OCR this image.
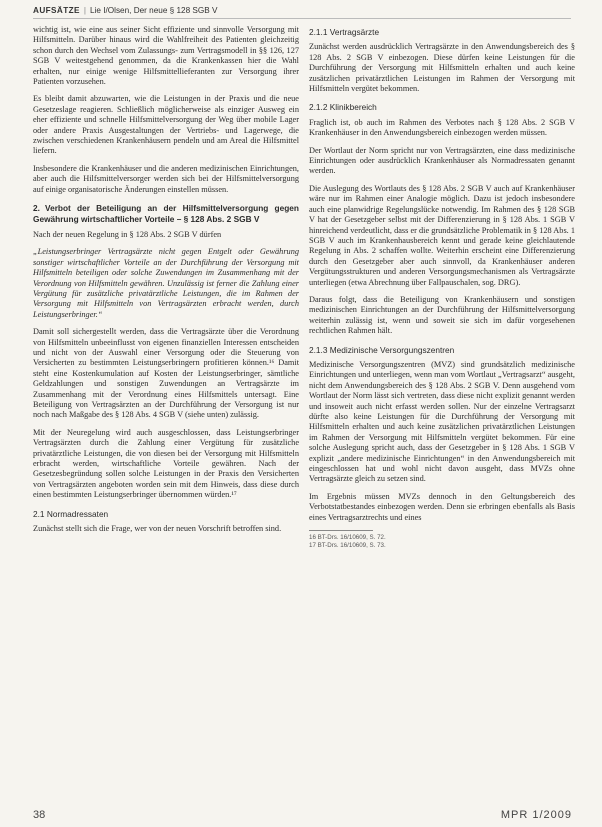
AUFSÄTZE | Lie I/Olsen, Der neue § 128 SGB V

wichtig ist, wie eine aus seiner Sicht effiziente und sinnvolle Versorgung mit Hilfsmitteln. Darüber hinaus wird die Wahlfreiheit des Patienten gleichzeitig schon durch den Wechsel vom Zulassungs- zum Vertragsmodell in §§ 126, 127 SGB V weitestgehend genommen, da die Krankenkassen hier die Wahl erhalten, nur einige wenige Hilfsmittellieferanten zur Versorgung ihrer Patienten vorzusehen.

Es bleibt damit abzuwarten, wie die Leistungen in der Praxis und die neue Gesetzeslage reagieren. Schließlich möglicherweise als einziger Ausweg ein eher effiziente und schnelle Hilfsmittelversorgung der Weg über mobile Lager oder andere Praxis Ausgestaltungen der Vertriebs- und Lagerwege, die zwischen verschiedenen Krankenhäusern pendeln und am Areal die Hilfsmittel liefern.

Insbesondere die Krankenhäuser und die anderen medizinischen Einrichtungen, aber auch die Hilfsmittelversorger werden sich bei der Hilfsmittelversorgung auf einige organisatorische Änderungen einstellen müssen.

2. Verbot der Beteiligung an der Hilfsmittelversorgung gegen Gewährung wirtschaftlicher Vorteile – § 128 Abs. 2 SGB V

Nach der neuen Regelung in § 128 Abs. 2 SGB V dürfen

„Leistungserbringer Vertragsärzte nicht gegen Entgelt oder Gewährung sonstiger wirtschaftlicher Vorteile an der Durchführung der Versorgung mit Hilfsmitteln beteiligen oder solche Zuwendungen im Zusammenhang mit der Verordnung von Hilfsmitteln gewähren. Unzulässig ist ferner die Zahlung einer Vergütung für zusätzliche privatärztliche Leistungen, die im Rahmen der Versorgung mit Hilfsmitteln von Vertragsärzten erbracht werden, durch Leistungserbringer.“

Damit soll sichergestellt werden, dass die Vertragsärzte über die Verordnung von Hilfsmitteln unbeeinflusst von eigenen finanziellen Interessen entscheiden und nicht von der Auswahl einer Versorgung oder die Steuerung von Versicherten zu bestimmten Leistungserbringern profitieren können.¹⁶ Damit steht eine Kostenkumulation auf Kosten der Leistungserbringer, sämtliche Geldzahlungen und sonstigen Zuwendungen an Vertragsärzte im Zusammenhang mit der Verordnung eines Hilfsmittels untersagt. Eine Beteiligung von Vertragsärzten an der Durchführung der Versorgung ist nur noch nach Maßgabe des § 128 Abs. 4 SGB V (siehe unten) zulässig.

Mit der Neuregelung wird auch ausgeschlossen, dass Leistungserbringer Vertragsärzten durch die Zahlung einer Vergütung für zusätzliche privatärztliche Leistungen, die von diesen bei der Versorgung mit Hilfsmitteln erbracht werden, wirtschaftliche Vorteile gewähren. Nach der Gesetzesbegründung sollen solche Leistungen in der Praxis den Versicherten von Vertragsärzten angeboten worden sein mit dem Hinweis, dass diese durch einen bestimmten Leistungserbringer übernommen würden.¹⁷

2.1 Normadressaten

Zunächst stellt sich die Frage, wer von der neuen Vorschrift betroffen sind.

2.1.1 Vertragsärzte

Zunächst werden ausdrücklich Vertragsärzte in den Anwendungsbereich des § 128 Abs. 2 SGB V einbezogen. Diese dürfen keine Leistungen für die Durchführung der Versorgung mit Hilfsmitteln erhalten und auch keine zusätzlichen privatärztlichen Leistungen im Rahmen der Versorgung mit Hilfsmitteln vergütet bekommen.

2.1.2 Klinikbereich

Fraglich ist, ob auch im Rahmen des Verbotes nach § 128 Abs. 2 SGB V Krankenhäuser in den Anwendungsbereich einbezogen werden müssen.

Der Wortlaut der Norm spricht nur von Vertragsärzten, eine dass medizinische Einrichtungen oder ausdrücklich Krankenhäuser als Normadressaten genannt werden.

Die Auslegung des Wortlauts des § 128 Abs. 2 SGB V auch auf Krankenhäuser wäre nur im Rahmen einer Analogie möglich. Dazu ist jedoch insbesondere auch eine planwidrige Regelungslücke notwendig. Im Rahmen des § 128 SGB V hat der Gesetzgeber selbst mit der Differenzierung in § 128 Abs. 1 SGB V hinreichend verdeutlicht, dass er die grundsätzliche Problematik in § 128 Abs. 1 SGB V auch im Krankenhausbereich kennt und gerade keine gleichlautende Regelung in Abs. 2 schaffen wollte. Weiterhin erscheint eine Differenzierung durch den Gesetzgeber aber auch sinnvoll, da Krankenhäuser anderen Vergütungsstrukturen und anderen Versorgungsmechanismen als Vertragsärzte unterliegen (etwa Abrechnung über Fallpauschalen, sog. DRG).

Daraus folgt, dass die Beteiligung von Krankenhäusern und sonstigen medizinischen Einrichtungen an der Durchführung der Hilfsmittelversorgung weiterhin zulässig ist, wenn und soweit sie sich im dafür vorgesehenen rechtlichen Rahmen hält.

2.1.3 Medizinische Versorgungszentren

Medizinische Versorgungszentren (MVZ) sind grundsätzlich medizinische Einrichtungen und unterliegen, wenn man vom Wortlaut „Vertragsarzt“ ausgeht, nicht dem Anwendungsbereich des § 128 Abs. 2 SGB V. Denn ausgehend vom Wortlaut der Norm lässt sich vertreten, dass diese nicht explizit genannt werden und insoweit auch nicht erfasst werden sollen. Nur der einzelne Vertragsarzt dürfte also keine Leistungen für die Durchführung der Versorgung mit Hilfsmitteln erhalten und auch keine zusätzlichen privatärztlichen Leistungen im Rahmen der Versorgung mit Hilfsmitteln vergütet bekommen. Für eine solche Auslegung spricht auch, dass der Gesetzgeber in § 128 Abs. 1 SGB V explizit „andere medizinische Einrichtungen“ in den Anwendungsbereich mit eingeschlossen hat und wohl nicht davon ausgeht, dass MVZs ohne Vertragsärzte gleich zu setzen sind.

Im Ergebnis müssen MVZs dennoch in den Geltungsbereich des Verbotstatbestandes einbezogen werden. Denn sie erbringen ebenfalls als Basis eines Vertragsarztrechts und eines

16 BT-Drs. 16/10609, S. 72.
17 BT-Drs. 16/10609, S. 73.
38	MPR 1/2009
